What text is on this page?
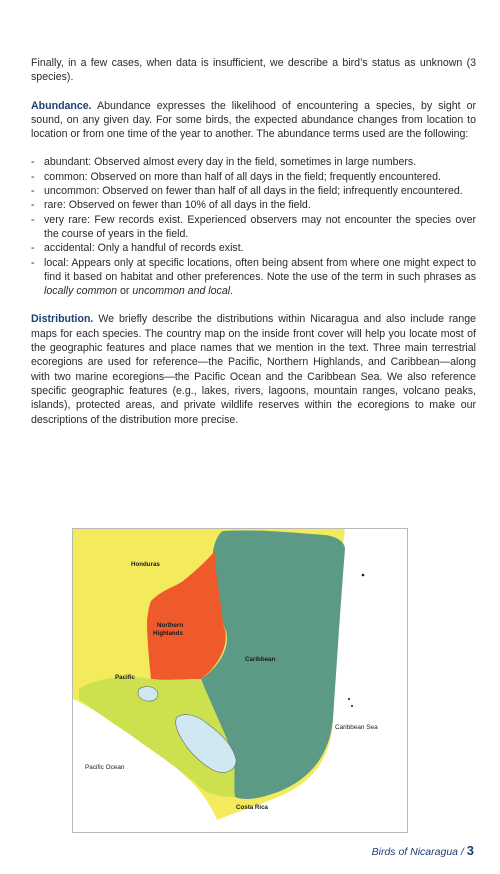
Finally, in a few cases, when data is insufficient, we describe a bird’s status as unknown (3 species).

Abundance. Abundance expresses the likelihood of encountering a species, by sight or sound, on any given day. For some birds, the expected abundance changes from location to location or from one time of the year to another. The abundance terms used are the following:

- abundant: Observed almost every day in the field, sometimes in large numbers.
- common: Observed on more than half of all days in the field; frequently encountered.
- uncommon: Observed on fewer than half of all days in the field; infrequently encountered.
- rare: Observed on fewer than 10% of all days in the field.
- very rare: Few records exist. Experienced observers may not encounter the species over the course of years in the field.
- accidental: Only a handful of records exist.
- local: Appears only at specific locations, often being absent from where one might expect to find it based on habitat and other preferences. Note the use of the term in such phrases as locally common or uncommon and local.

Distribution. We briefly describe the distributions within Nicaragua and also include range maps for each species. The country map on the inside front cover will help you locate most of the geographic features and place names that we mention in the text. Three main terrestrial ecoregions are used for reference—the Pacific, Northern Highlands, and Caribbean—along with two marine ecoregions—the Pacific Ocean and the Caribbean Sea. We also reference specific geographic features (e.g., lakes, rivers, lagoons, mountain ranges, volcano peaks, islands), protected areas, and private wildlife reserves within the ecoregions to make our descriptions of the distribution more precise.

Honduras
Northern
Highlands
Caribbean
Pacific
Caribbean Sea
Pacific Ocean
Costa Rica
Birds of Nicaragua / 3
